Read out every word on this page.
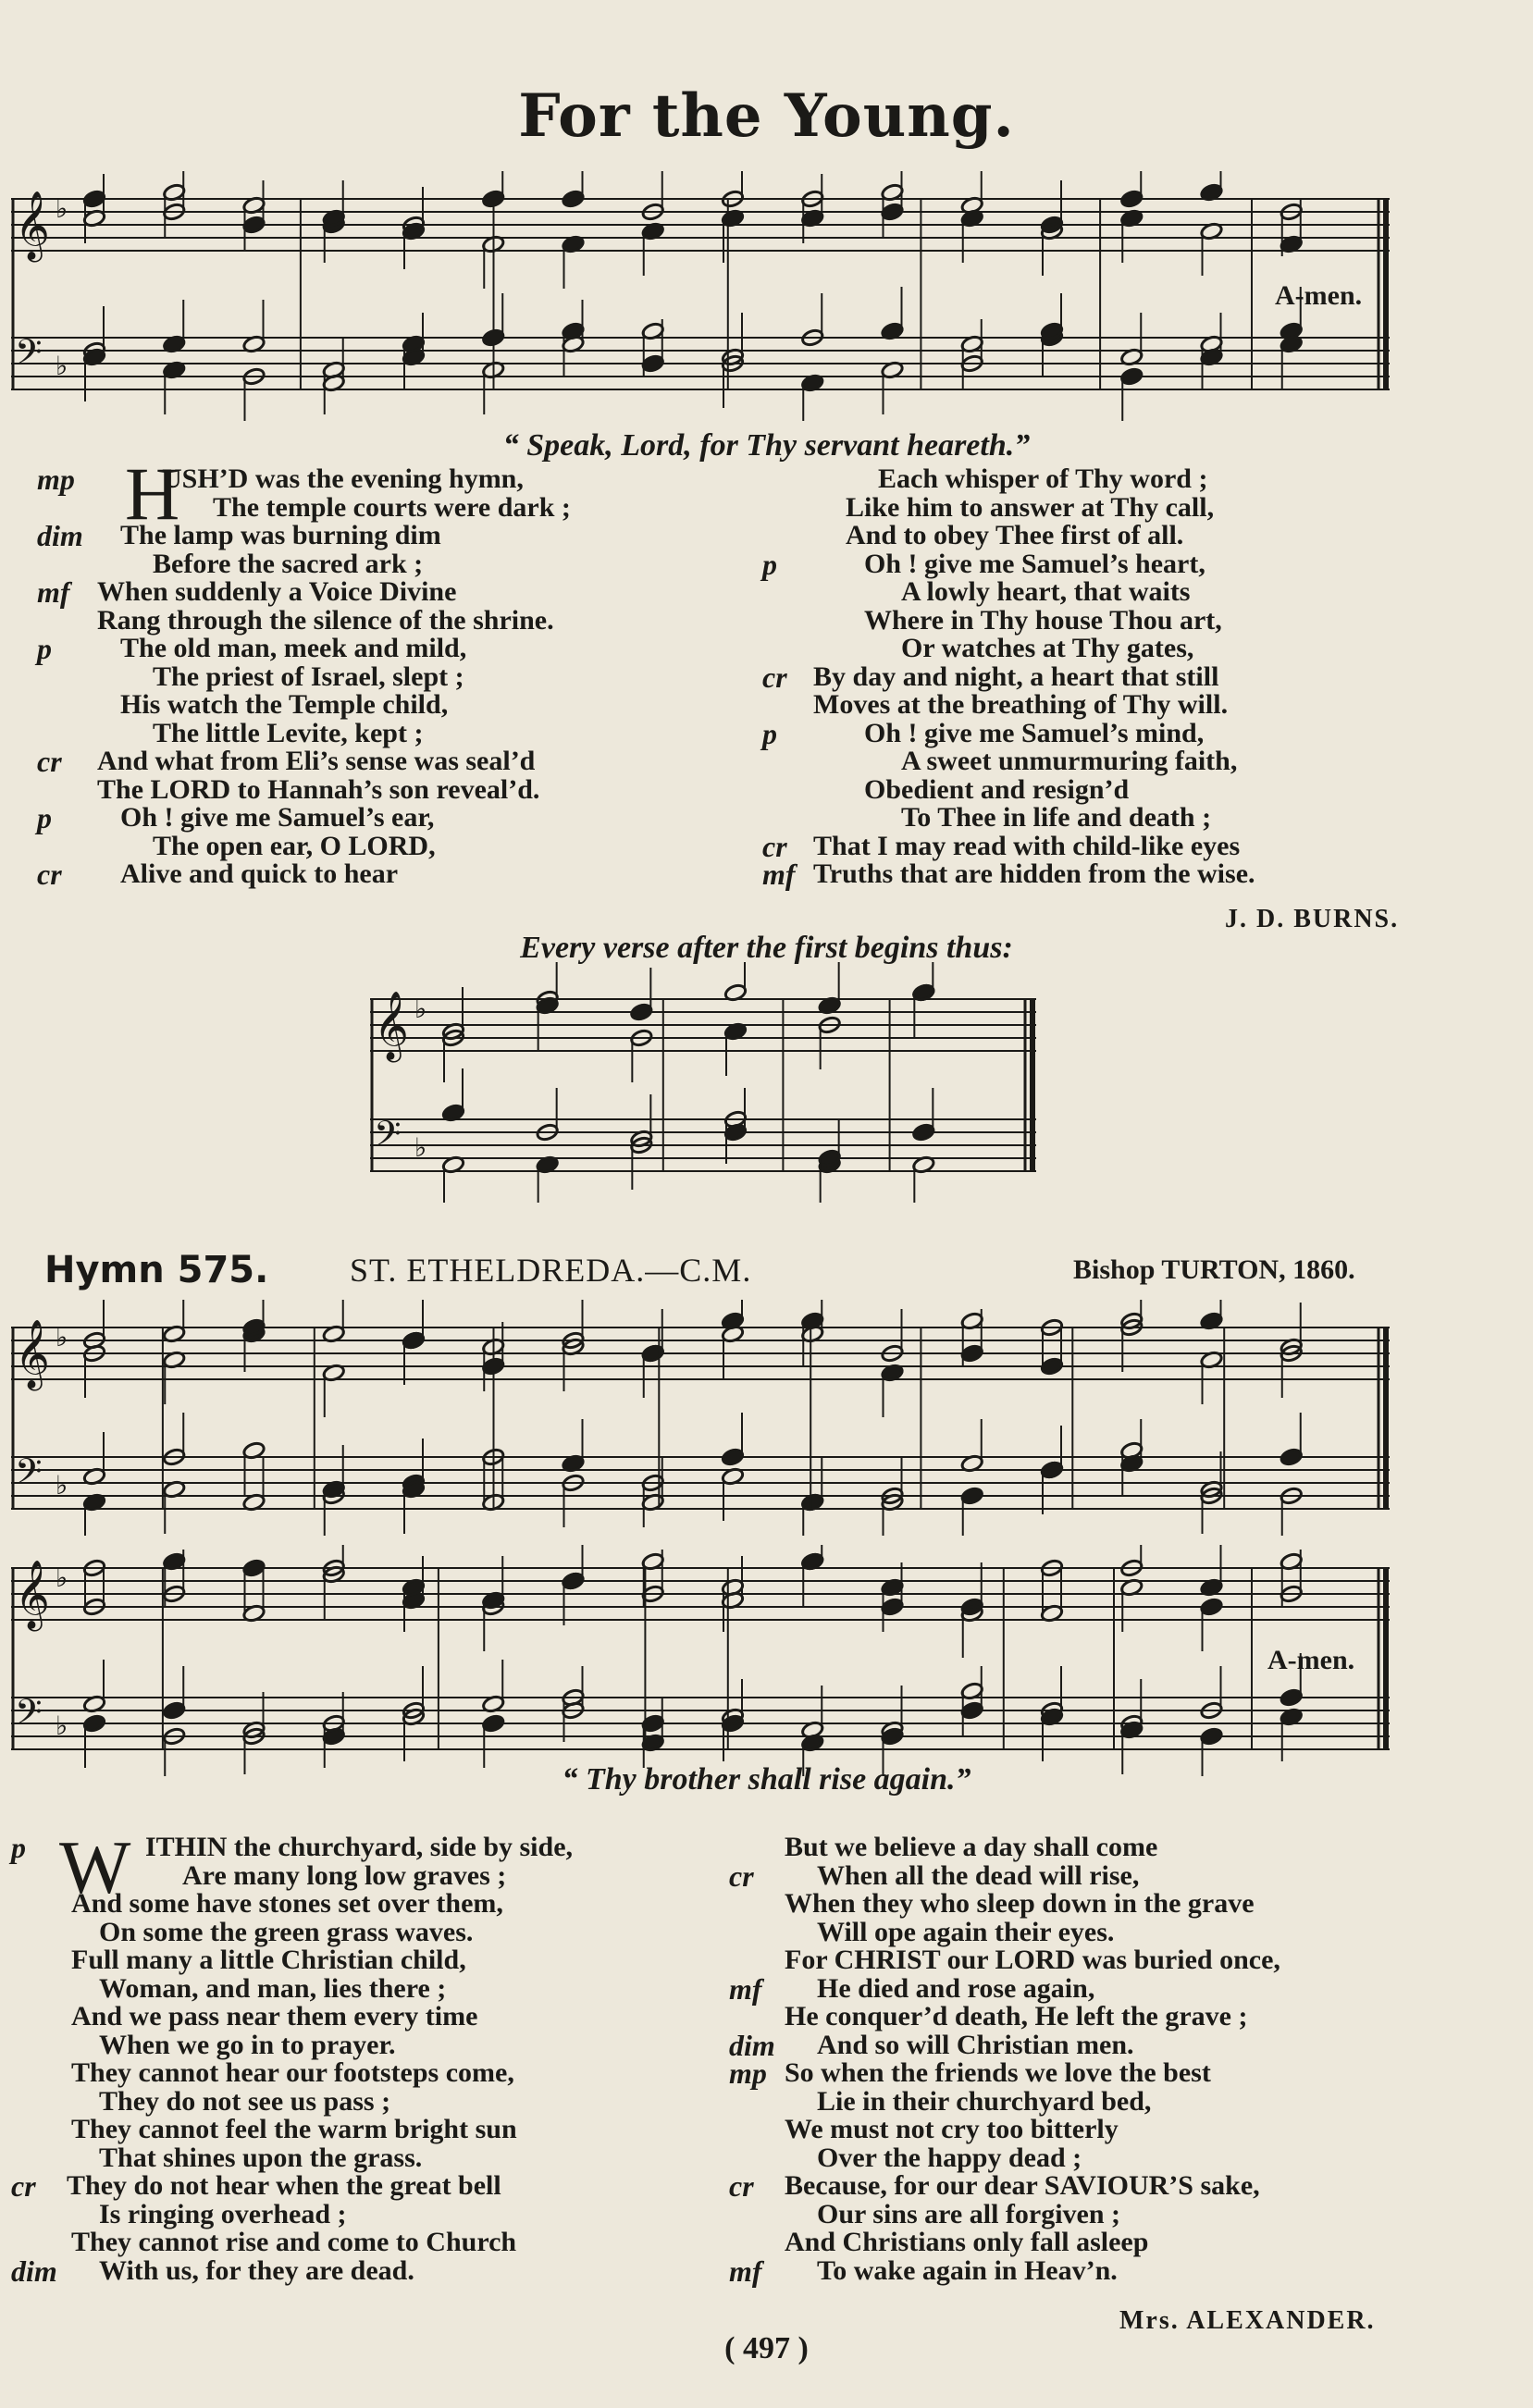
For the Young.
𝄞 ♭
𝄢 ♭
A-men.
“ Speak, Lord, for Thy servant heareth.”
H
mp	USH’D was the evening hymn,
The temple courts were dark ;
dim The lamp was burning dim
Before the sacred ark ;
mf When suddenly a Voice Divine
Rang through the silence of the shrine.
p The old man, meek and mild,
The priest of Israel, slept ;
His watch the Temple child,
The little Levite, kept ;
cr And what from Eli’s sense was seal’d
The LORD to Hannah’s son reveal’d.
p Oh ! give me Samuel’s ear,
The open ear, O LORD,
cr Alive and quick to hear
Each whisper of Thy word ;
Like him to answer at Thy call,
And to obey Thee first of all.
p	Oh ! give me Samuel’s heart,
A lowly heart, that waits
Where in Thy house Thou art,
Or watches at Thy gates,
cr By day and night, a heart that still
Moves at the breathing of Thy will.
p	Oh ! give me Samuel’s mind,
A sweet unmurmuring faith,
Obedient and resign’d
To Thee in life and death ;
cr That I may read with child-like eyes
mf Truths that are hidden from the wise.
J. D. BURNS.
Every verse after the first begins thus:
𝄞 ♭
𝄢 ♭
Hymn 575. ST. ETHELDREDA.—C.M.	Bishop TURTON, 1860.
𝄞 ♭
𝄢 ♭
𝄞 ♭
𝄢 ♭
A-men.
“ Thy brother shall rise again.”
W
p	ITHIN the churchyard, side by side,
Are many long low graves ;
And some have stones set over them,
On some the green grass waves.
Full many a little Christian child,
Woman, and man, lies there ;
And we pass near them every time
When we go in to prayer.
They cannot hear our footsteps come,
They do not see us pass ;
They cannot feel the warm bright sun
That shines upon the grass.
cr They do not hear when the great bell
Is ringing overhead ;
They cannot rise and come to Church
dim With us, for they are dead.
But we believe a day shall come
cr When all the dead will rise,
When they who sleep down in the grave
Will ope again their eyes.
For CHRIST our LORD was buried once,
mf He died and rose again,
He conquer’d death, He left the grave ;
dim And so will Christian men.
mp So when the friends we love the best
Lie in their churchyard bed,
We must not cry too bitterly
Over the happy dead ;
cr Because, for our dear SAVIOUR’S sake,
Our sins are all forgiven ;
And Christians only fall asleep
mf To wake again in Heav’n.
Mrs. ALEXANDER.
( 497 )
